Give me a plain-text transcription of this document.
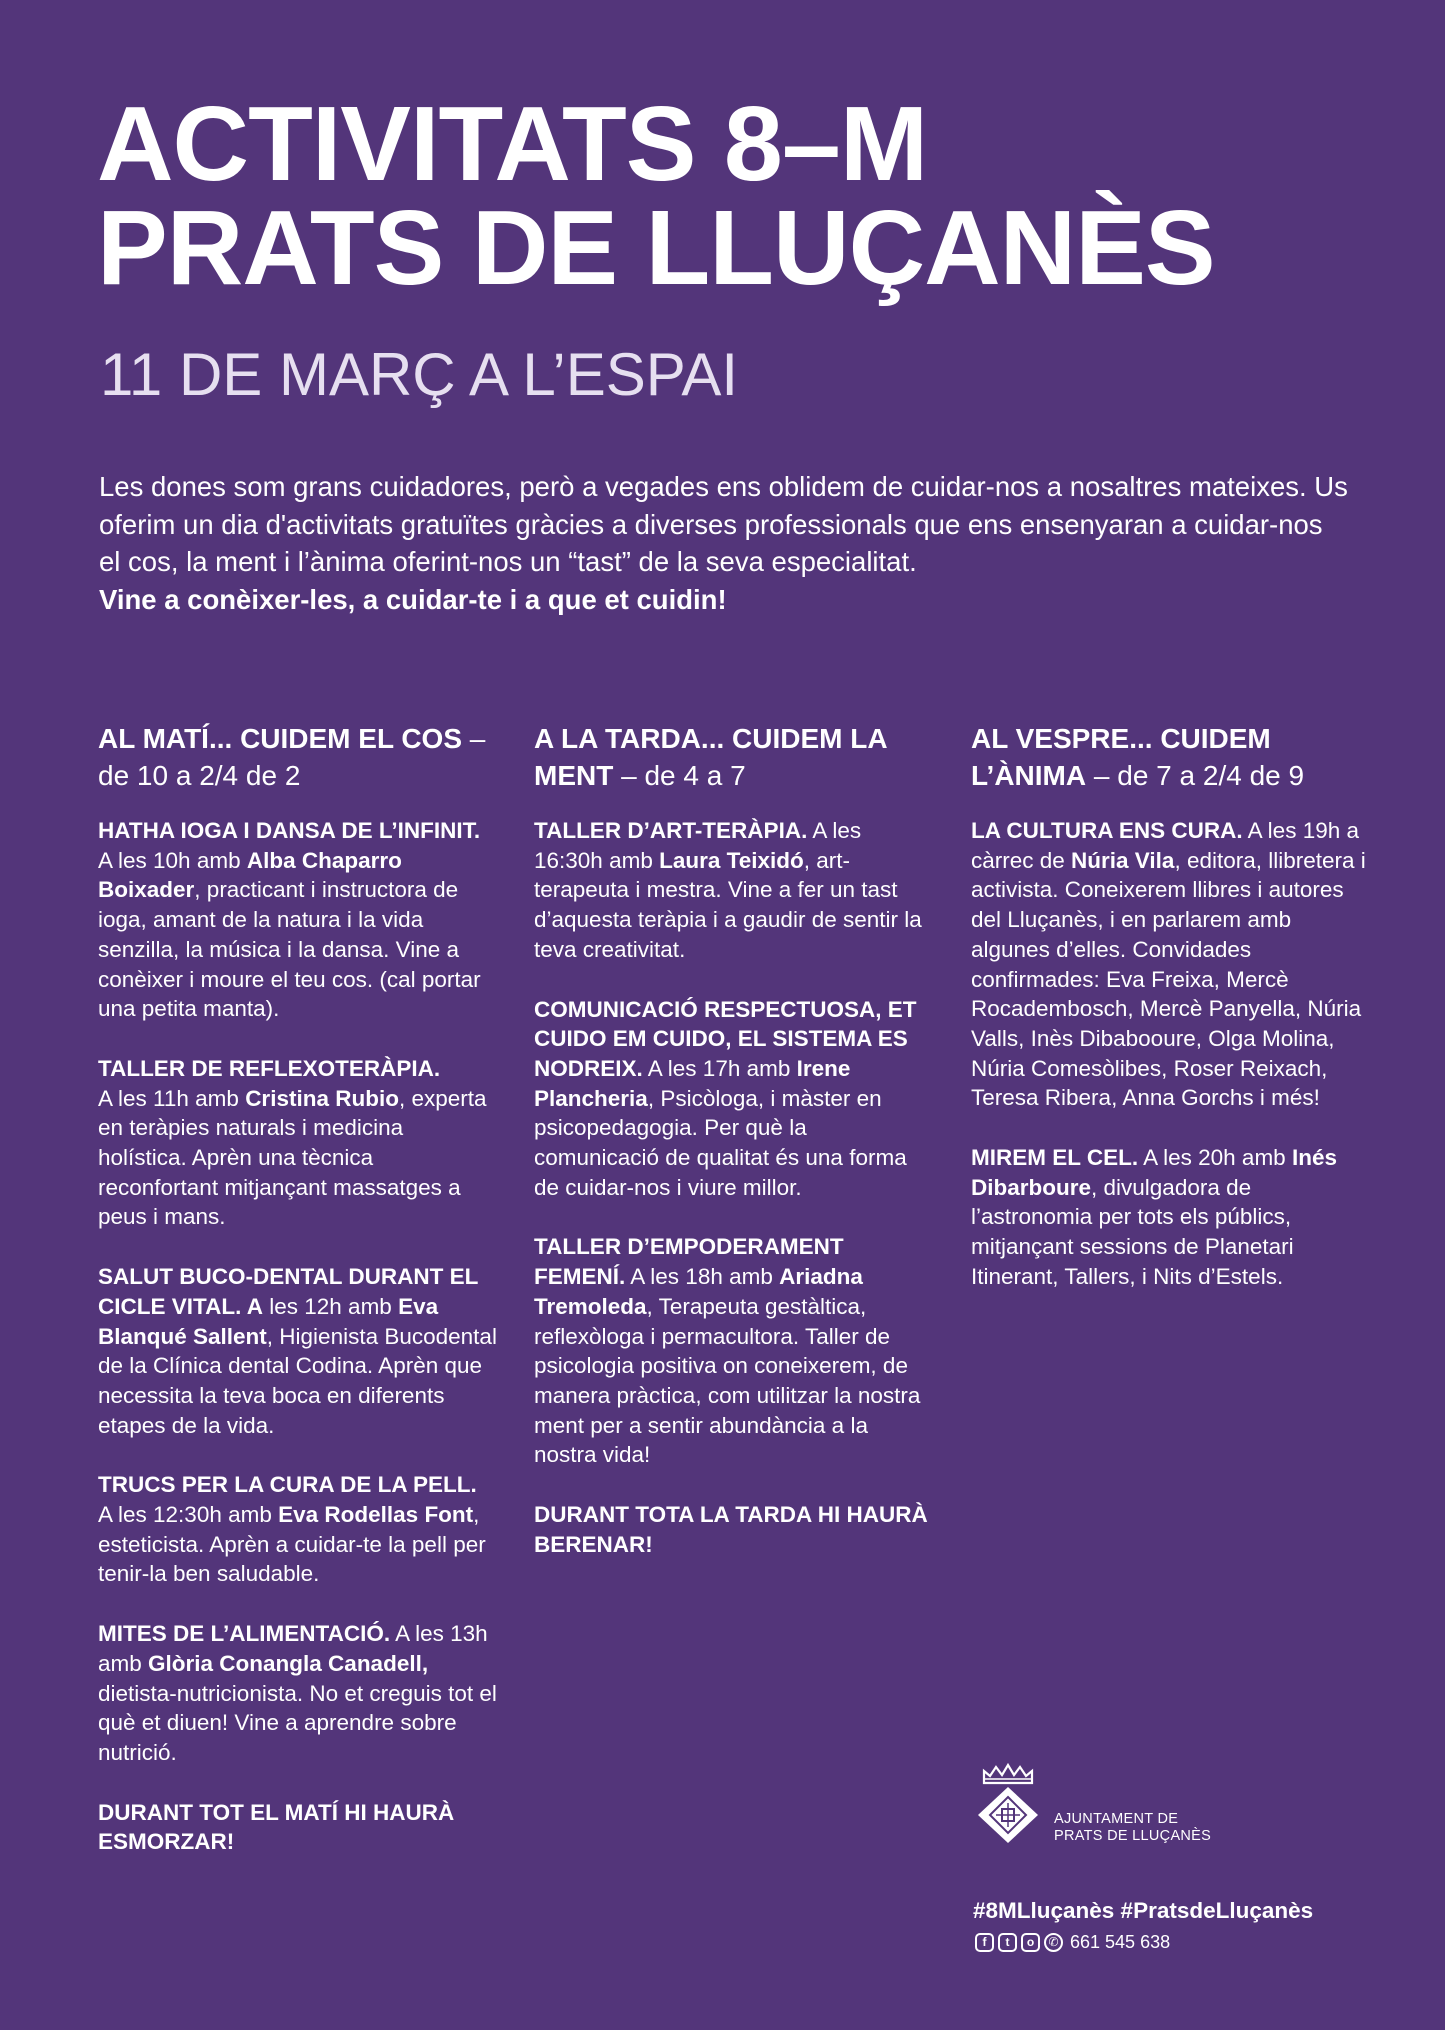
ACTIVITATS 8–M
PRATS DE LLUÇANÈS
11 DE MARÇ A L’ESPAI

Les dones som grans cuidadores, però a vegades ens oblidem de cuidar-nos a nosaltres mateixes. Us oferim un dia d'activitats gratuïtes gràcies a diverses professionals que ens ensenyaran a cuidar-nos el cos, la ment i l’ànima oferint-nos un “tast” de la seva especialitat.

Vine a conèixer-les, a cuidar-te i a que et cuidin!

AL MATÍ... CUIDEM EL COS – de 10 a 2/4 de 2

HATHA IOGA I DANSA DE L’INFINIT. A les 10h amb Alba Chaparro Boixader, practicant i instructora de ioga, amant de la natura i la vida senzilla, la música i la dansa. Vine a conèixer i moure el teu cos. (cal portar una petita manta).

TALLER DE REFLEXOTERÀPIA.
A les 11h amb Cristina Rubio, experta en teràpies naturals i medicina holística. Aprèn una tècnica reconfortant mitjançant massatges a peus i mans.

SALUT BUCO-DENTAL DURANT EL CICLE VITAL. A les 12h amb Eva Blanqué Sallent, Higienista Bucodental de la Clínica dental Codina. Aprèn que necessita la teva boca en diferents etapes de la vida.

TRUCS PER LA CURA DE LA PELL.
A les 12:30h amb Eva Rodellas Font, esteticista. Aprèn a cuidar-te la pell per tenir-la ben saludable.

MITES DE L’ALIMENTACIÓ. A les 13h amb Glòria Conangla Canadell, dietista-nutricionista. No et creguis tot el què et diuen! Vine a aprendre sobre nutrició.

DURANT TOT EL MATÍ HI HAURÀ ESMORZAR!

A LA TARDA... CUIDEM LA MENT – de 4 a 7

TALLER D’ART-TERÀPIA. A les 16:30h amb Laura Teixidó, art-terapeuta i mestra. Vine a fer un tast d’aquesta teràpia i a gaudir de sentir la teva creativitat.

COMUNICACIÓ RESPECTUOSA, ET CUIDO EM CUIDO, EL SISTEMA ES NODREIX. A les 17h amb Irene Plancheria, Psicòloga, i màster en psicopedagogia. Per què la comunicació de qualitat és una forma de cuidar-nos i viure millor.

TALLER D’EMPODERAMENT FEMENÍ. A les 18h amb Ariadna Tremoleda, Terapeuta gestàltica, reflexòloga i permacultora. Taller de psicologia positiva on coneixerem, de manera pràctica, com utilitzar la nostra ment per a sentir abundància a la nostra vida!

DURANT TOTA LA TARDA HI HAURÀ BERENAR!

AL VESPRE... CUIDEM L’ÀNIMA – de 7 a 2/4 de 9

LA CULTURA ENS CURA. A les 19h a càrrec de Núria Vila, editora, llibretera i activista. Coneixerem llibres i autores del Lluçanès, i en parlarem amb algunes d’elles. Convidades confirmades: Eva Freixa, Mercè Rocadembosch, Mercè Panyella, Núria Valls, Inès Dibabooure, Olga Molina, Núria Comesòlibes, Roser Reixach, Teresa Ribera, Anna Gorchs i més!

MIREM EL CEL. A les 20h amb Inés Dibarboure, divulgadora de l’astronomia per tots els públics, mitjançant sessions de Planetari Itinerant, Tallers, i Nits d’Estels.

AJUNTAMENT DE
PRATS DE LLUÇANÈS
#8MLluçanès #PratsdeLluçanès
f	t	o	✆ 661 545 638
